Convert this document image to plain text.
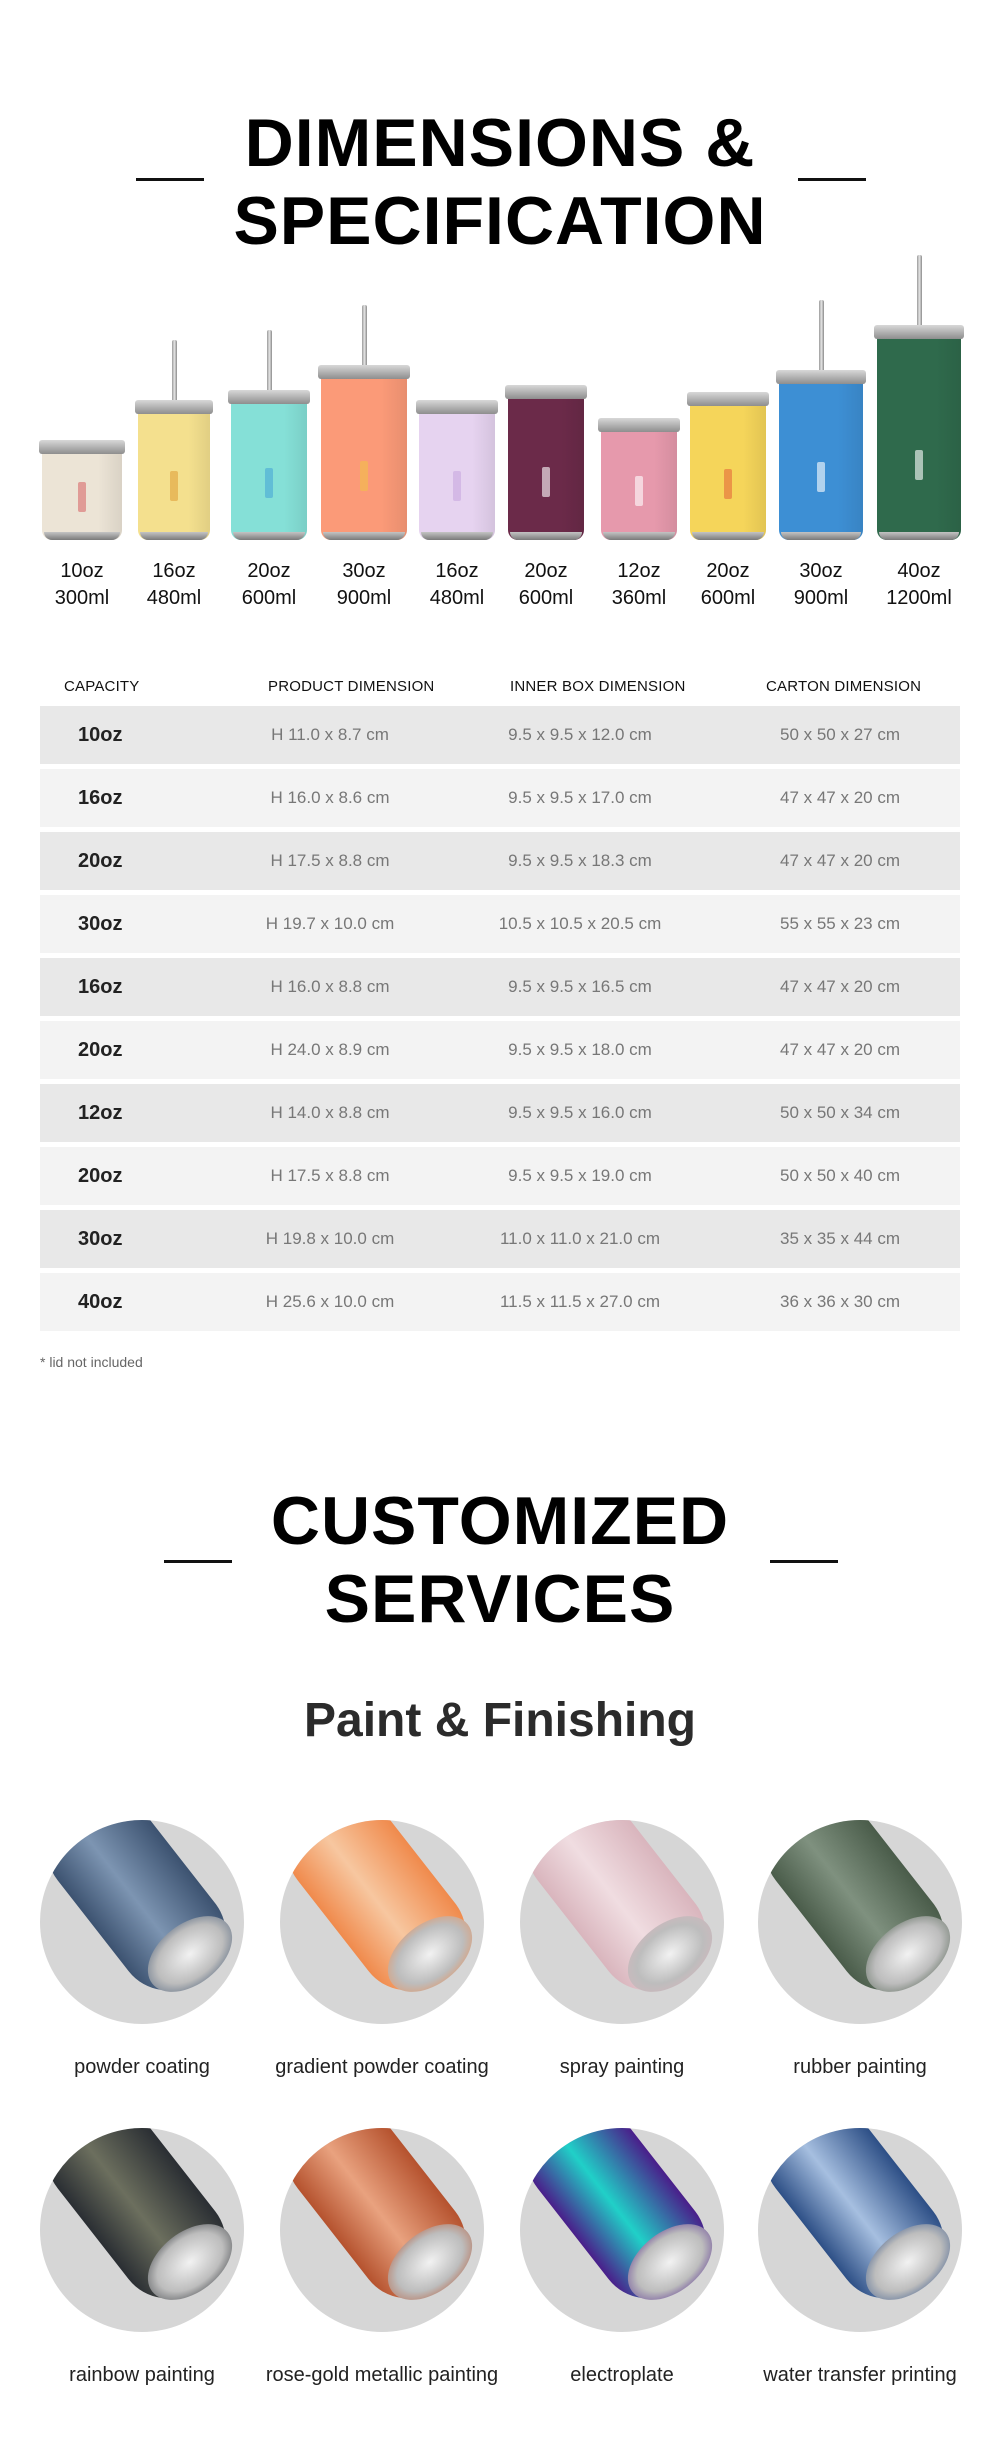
DIMENSIONS &
SPECIFICATION
10oz
300ml
16oz
480ml
20oz
600ml
30oz
900ml
16oz
480ml
20oz
600ml
12oz
360ml
20oz
600ml
30oz
900ml
40oz
1200ml
CAPACITY	PRODUCT DIMENSION	INNER BOX DIMENSION	CARTON DIMENSION
10oz	H 11.0 x 8.7 cm	9.5 x 9.5 x 12.0 cm	50 x 50 x 27 cm
16oz	H 16.0 x 8.6 cm	9.5 x 9.5 x 17.0 cm	47 x 47 x 20 cm
20oz	H 17.5 x 8.8 cm	9.5 x 9.5 x 18.3 cm	47 x 47 x 20 cm
30oz	H 19.7 x 10.0 cm	10.5 x 10.5 x 20.5 cm	55 x 55 x 23 cm
16oz	H 16.0 x 8.8 cm	9.5 x 9.5 x 16.5 cm	47 x 47 x 20 cm
20oz	H 24.0 x 8.9 cm	9.5 x 9.5 x 18.0 cm	47 x 47 x 20 cm
12oz	H 14.0 x 8.8 cm	9.5 x 9.5 x 16.0 cm	50 x 50 x 34 cm
20oz	H 17.5 x 8.8 cm	9.5 x 9.5 x 19.0 cm	50 x 50 x 40 cm
30oz	H 19.8 x 10.0 cm	11.0 x 11.0 x 21.0 cm	35 x 35 x 44 cm
40oz	H 25.6 x 10.0 cm	11.5 x 11.5 x 27.0 cm	36 x 36 x 30 cm
* lid not included
CUSTOMIZED
SERVICES
Paint & Finishing
powder coating	gradient powder coating	spray painting	rubber painting
rainbow painting	rose-gold metallic painting	electroplate	water transfer printing
